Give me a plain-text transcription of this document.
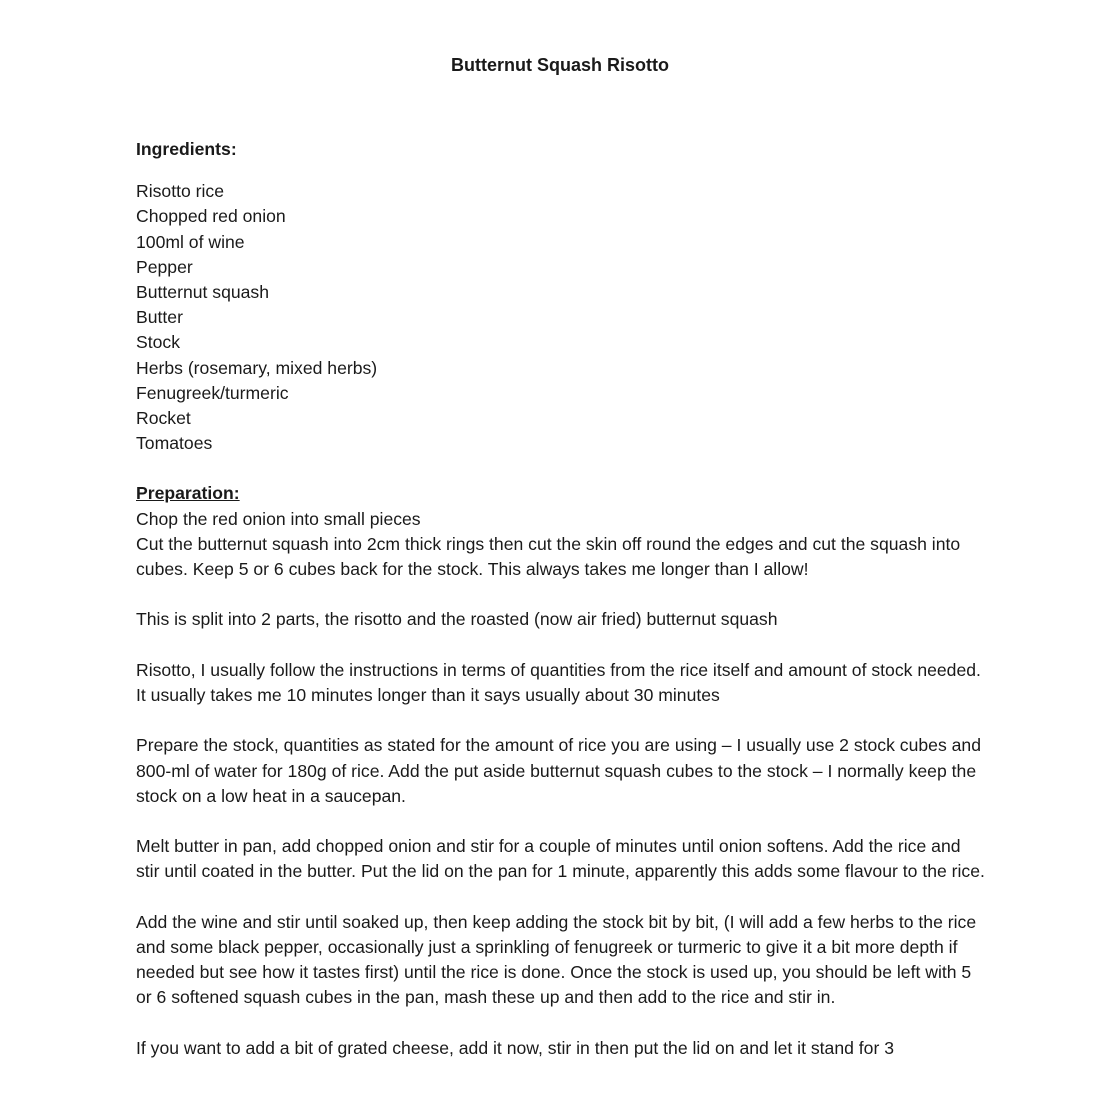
Butternut Squash Risotto

Ingredients:

Risotto rice
Chopped red onion
100ml of wine
Pepper
Butternut squash
Butter
Stock
Herbs (rosemary, mixed herbs)
Fenugreek/turmeric
Rocket
Tomatoes

Preparation:

Chop the red onion into small pieces

Cut the butternut squash into 2cm thick rings then cut the skin off round the edges and cut the squash into cubes. Keep 5 or 6 cubes back for the stock. This always takes me longer than I allow!

This is split into 2 parts, the risotto and the roasted (now air fried) butternut squash

Risotto, I usually follow the instructions in terms of quantities from the rice itself and amount of stock needed. It usually takes me 10 minutes longer than it says usually about 30 minutes

Prepare the stock, quantities as stated for the amount of rice you are using – I usually use 2 stock cubes and 800-ml of water for 180g of rice. Add the put aside butternut squash cubes to the stock – I normally keep the stock on a low heat in a saucepan.

Melt butter in pan, add chopped onion and stir for a couple of minutes until onion softens. Add the rice and stir until coated in the butter. Put the lid on the pan for 1 minute, apparently this adds some flavour to the rice.

Add the wine and stir until soaked up, then keep adding the stock bit by bit, (I will add a few herbs to the rice and some black pepper, occasionally just a sprinkling of fenugreek or turmeric to give it a bit more depth if needed but see how it tastes first) until the rice is done. Once the stock is used up, you should be left with 5 or 6 softened squash cubes in the pan, mash these up and then add to the rice and stir in.

If you want to add a bit of grated cheese, add it now, stir in then put the lid on and let it stand for 3
